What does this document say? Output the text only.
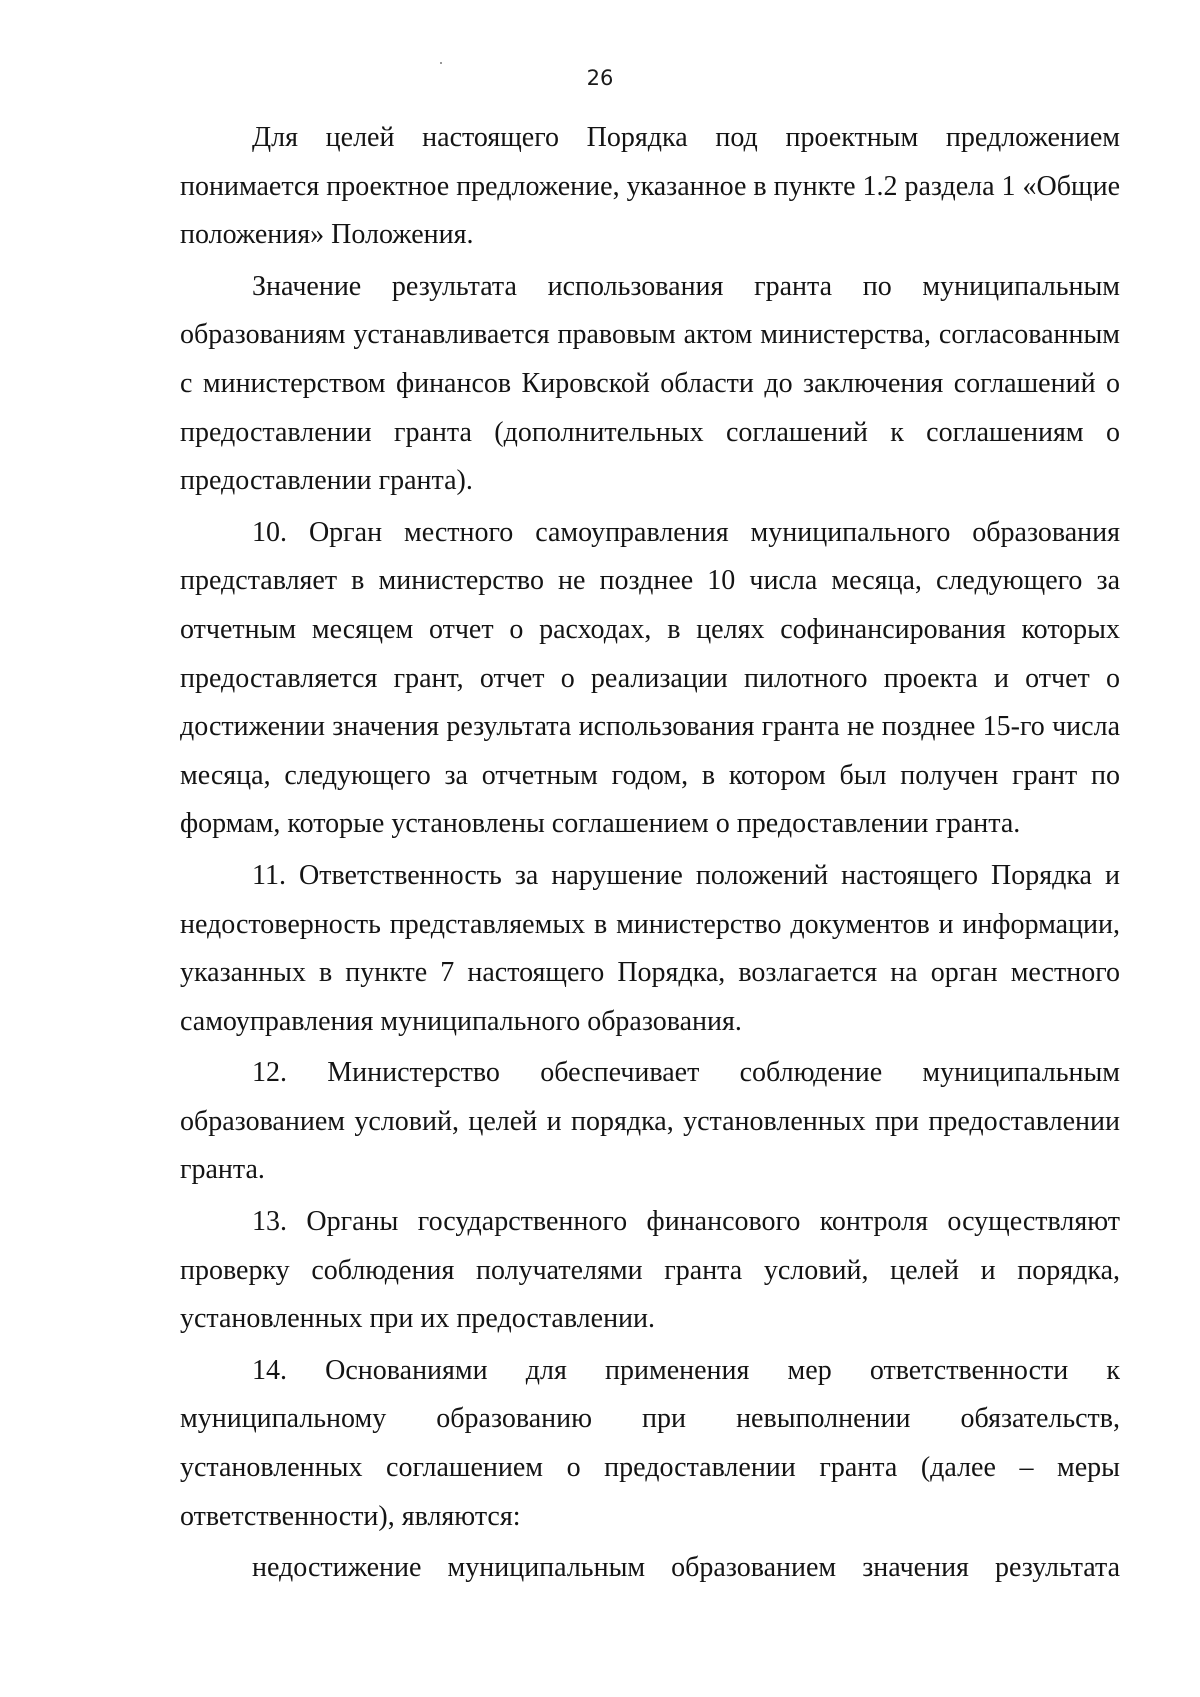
26

Для целей настоящего Порядка под проектным предложением понимается проектное предложение, указанное в пункте 1.2 раздела 1 «Общие положения» Положения.

Значение результата использования гранта по муниципальным образованиям устанавливается правовым актом министерства, согласованным с министерством финансов Кировской области до заключения соглашений о предоставлении гранта (дополнительных соглашений к соглашениям о предоставлении гранта).

10. Орган местного самоуправления муниципального образования представляет в министерство не позднее 10 числа месяца, следующего за отчетным месяцем отчет о расходах, в целях софинансирования которых предоставляется грант, отчет о реализации пилотного проекта и отчет о достижении значения результата использования гранта не позднее 15-го числа месяца, следующего за отчетным годом, в котором был получен грант по формам, которые установлены соглашением о предоставлении гранта.

11. Ответственность за нарушение положений настоящего Порядка и недостоверность представляемых в министерство документов и информации, указанных в пункте 7 настоящего Порядка, возлагается на орган местного самоуправления муниципального образования.

12. Министерство обеспечивает соблюдение муниципальным образованием условий, целей и порядка, установленных при предоставлении гранта.

13. Органы государственного финансового контроля осуществляют проверку соблюдения получателями гранта условий, целей и порядка, установленных при их предоставлении.

14. Основаниями для применения мер ответственности к муниципальному образованию при невыполнении обязательств, установленных соглашением о предоставлении гранта (далее – меры ответственности), являются:

недостижение муниципальным образованием значения результата
